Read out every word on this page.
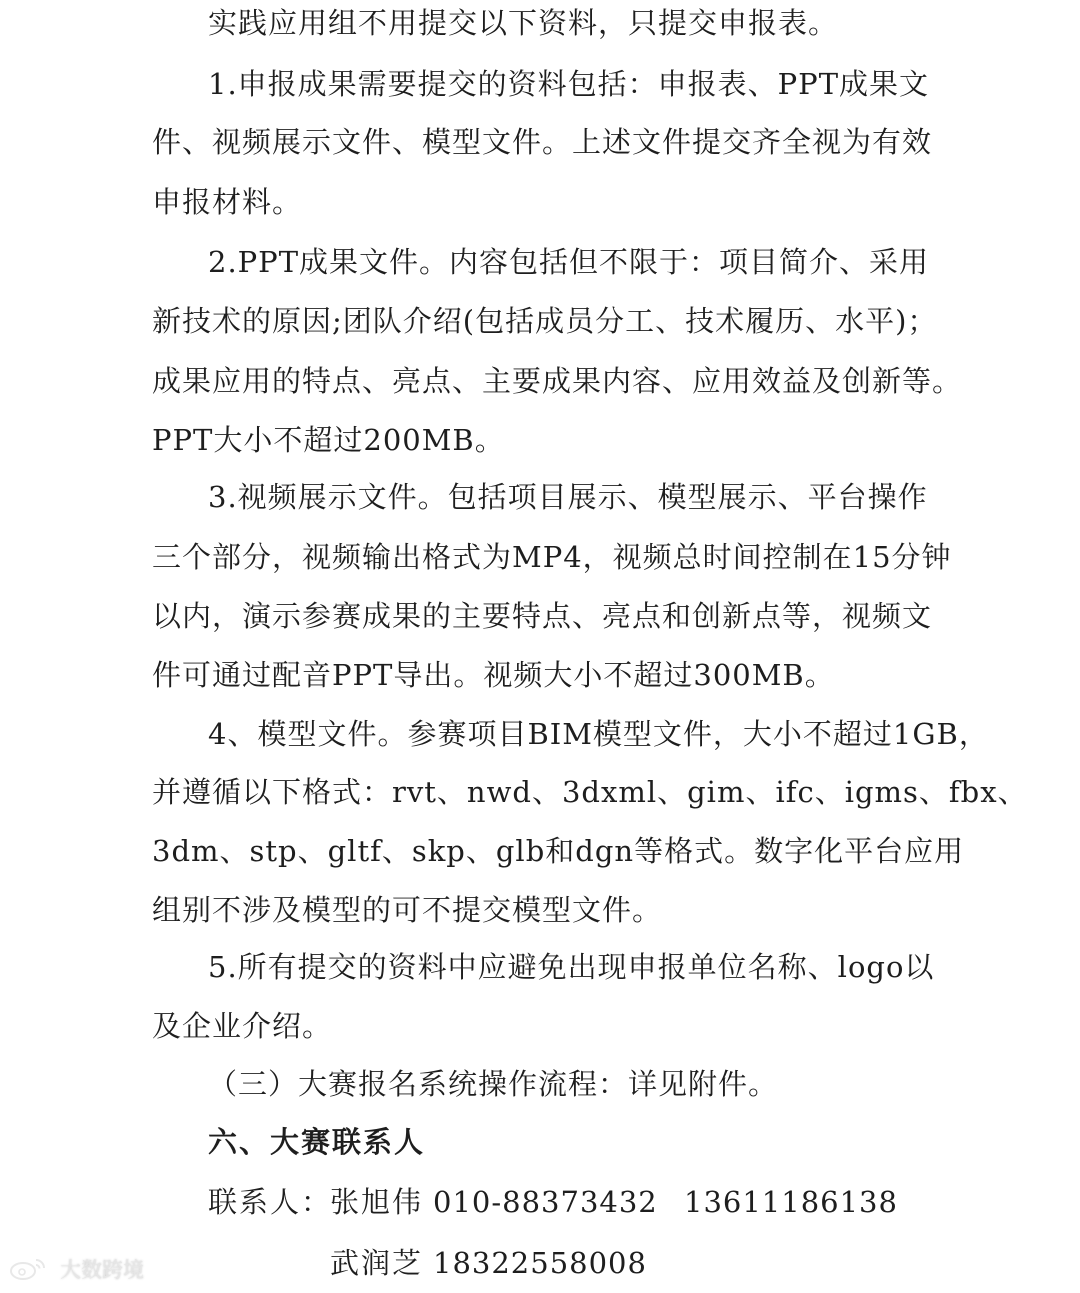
实践应用组不用提交以下资料，只提交申报表。
1.申报成果需要提交的资料包括：申报表、PPT成果文
件、视频展示文件、模型文件。上述文件提交齐全视为有效
申报材料。
2.PPT成果文件。内容包括但不限于：项目简介、采用
新技术的原因;团队介绍(包括成员分工、技术履历、水平)；
成果应用的特点、亮点、主要成果内容、应用效益及创新等。
PPT大小不超过200MB。
3.视频展示文件。包括项目展示、模型展示、平台操作
三个部分，视频输出格式为MP4，视频总时间控制在15分钟
以内，演示参赛成果的主要特点、亮点和创新点等，视频文
件可通过配音PPT导出。视频大小不超过300MB。
4、模型文件。参赛项目BIM模型文件，大小不超过1GB，
并遵循以下格式：rvt、nwd、3dxml、gim、ifc、igms、fbx、
3dm、stp、gltf、skp、glb和dgn等格式。数字化平台应用
组别不涉及模型的可不提交模型文件。
5.所有提交的资料中应避免出现申报单位名称、logo以
及企业介绍。
（三）大赛报名系统操作流程：详见附件。
六、大赛联系人
联系人：
张旭伟 010-88373432 13611186138
武润芝 18322558008
大数跨境
